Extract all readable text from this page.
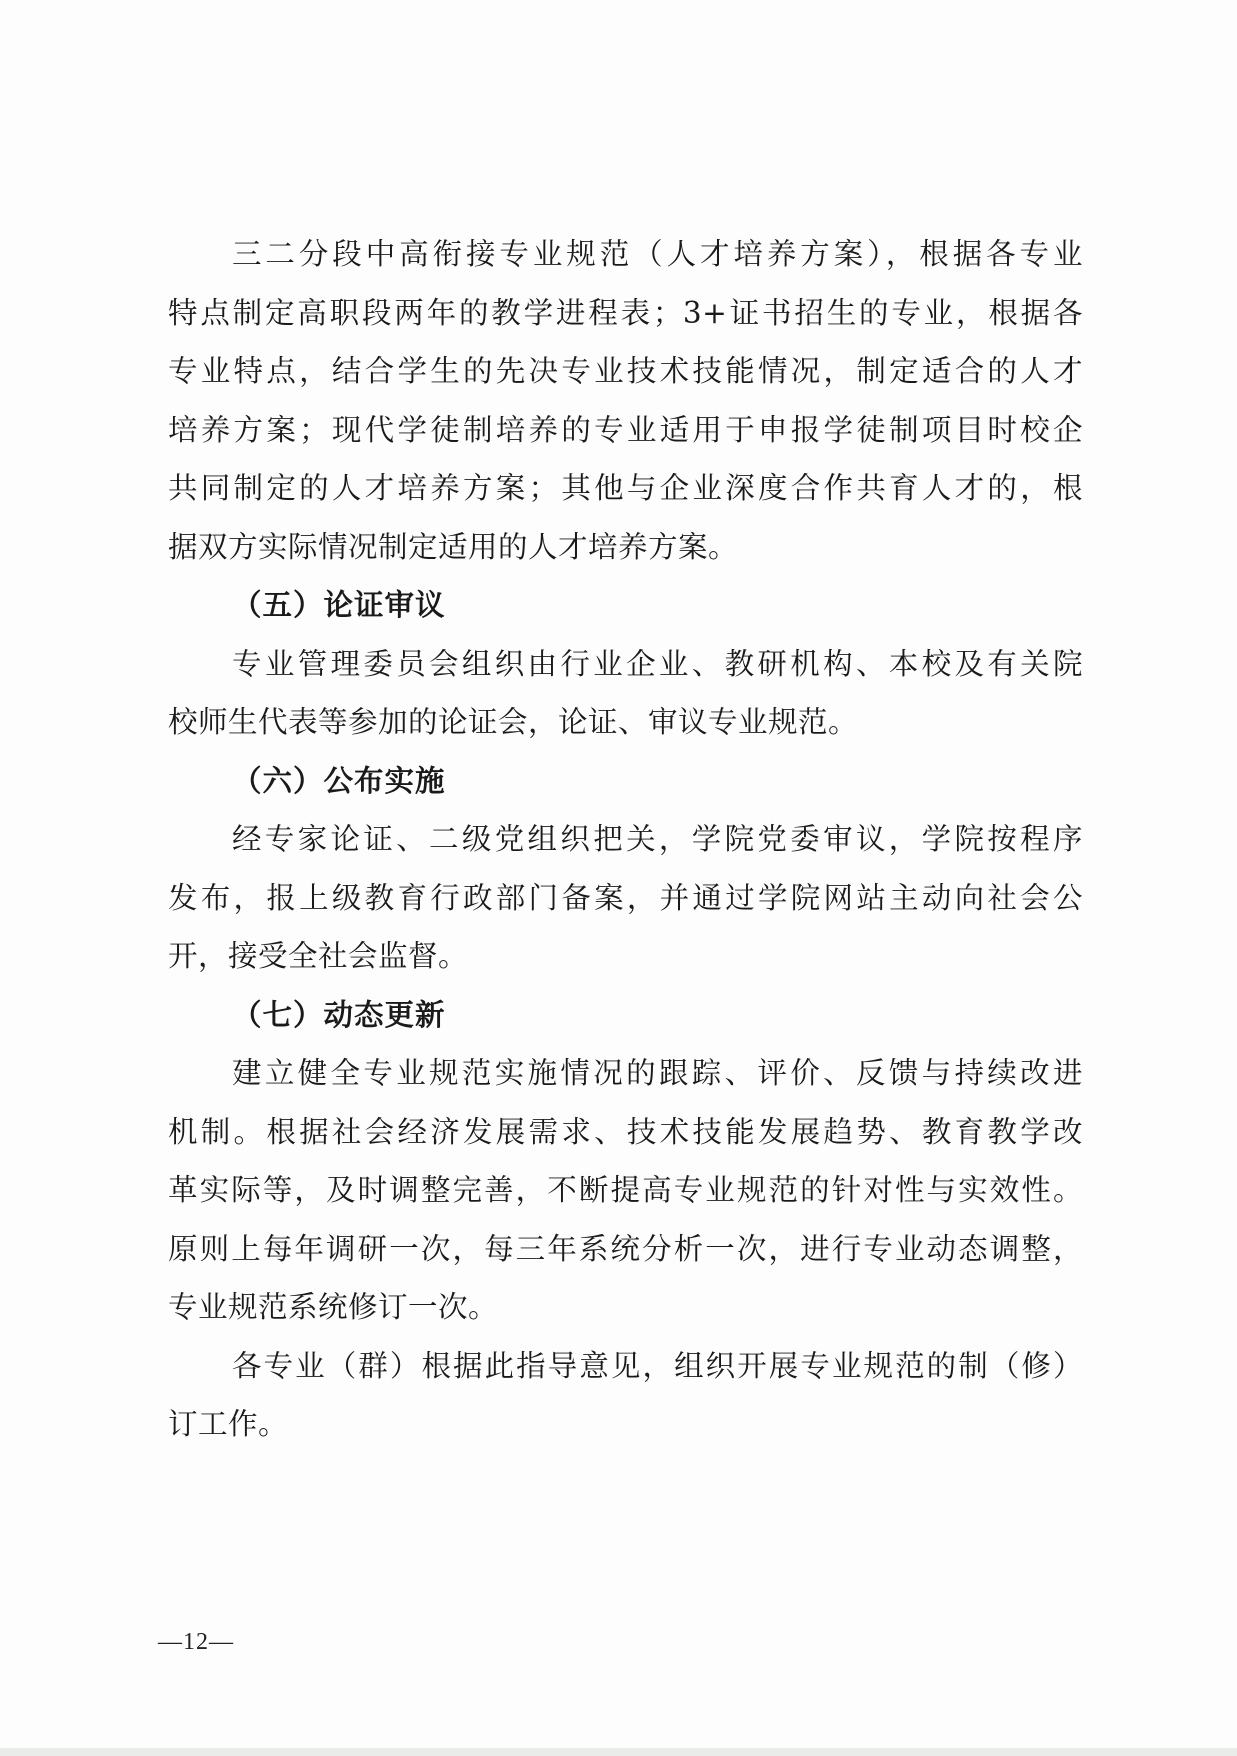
三二分段中高衔接专业规范（人才培养方案），根据各专业
特点制定高职段两年的教学进程表；3+证书招生的专业，根据各
专业特点，结合学生的先决专业技术技能情况，制定适合的人才
培养方案；现代学徒制培养的专业适用于申报学徒制项目时校企
共同制定的人才培养方案；其他与企业深度合作共育人才的，根
据双方实际情况制定适用的人才培养方案。
（五）论证审议
专业管理委员会组织由行业企业、教研机构、本校及有关院
校师生代表等参加的论证会，论证、审议专业规范。
（六）公布实施
经专家论证、二级党组织把关，学院党委审议，学院按程序
发布，报上级教育行政部门备案，并通过学院网站主动向社会公
开，接受全社会监督。
（七）动态更新
建立健全专业规范实施情况的跟踪、评价、反馈与持续改进
机制。根据社会经济发展需求、技术技能发展趋势、教育教学改
革实际等，及时调整完善，不断提高专业规范的针对性与实效性。
原则上每年调研一次，每三年系统分析一次，进行专业动态调整，
专业规范系统修订一次。
各专业（群）根据此指导意见，组织开展专业规范的制（修）
订工作。
—12—
